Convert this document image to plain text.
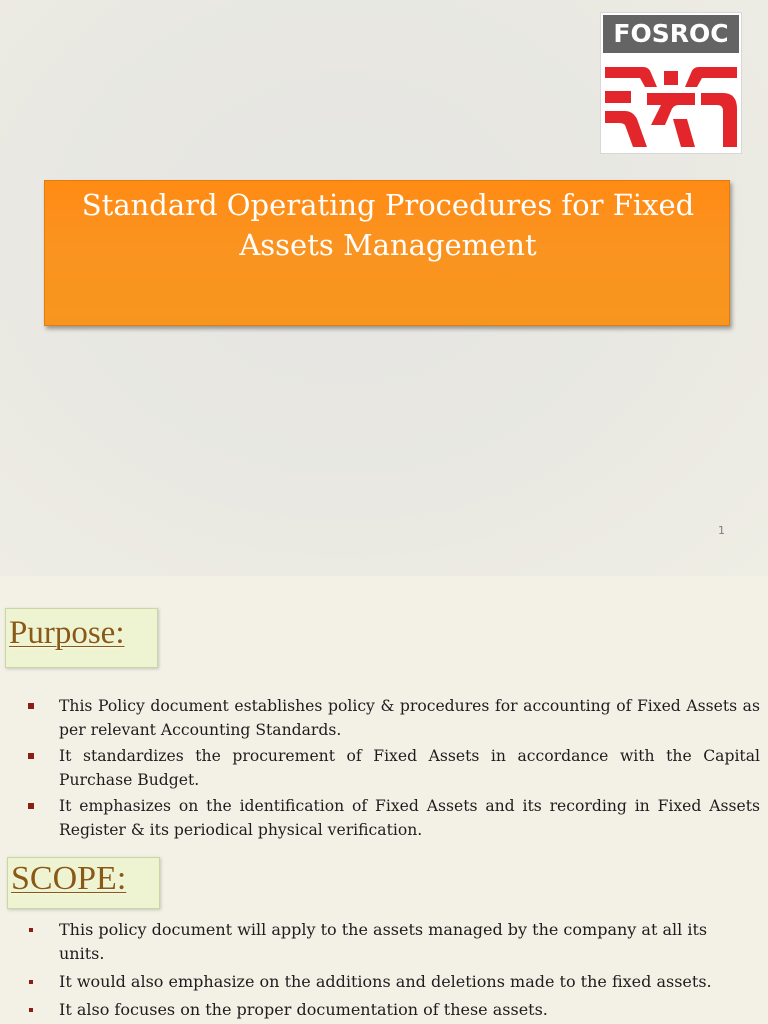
FOSROC
Standard Operating Procedures for Fixed
Assets Management
1
Purpose:
This Policy document establishes policy & procedures for accounting of Fixed Assets as per relevant Accounting Standards.
It standardizes the procurement of Fixed Assets in accordance with the Capital Purchase Budget.
It emphasizes on the identification of Fixed Assets and its recording in Fixed Assets Register & its periodical physical verification.
SCOPE:
This policy document will apply to the assets managed by the company at all its units.
It would also emphasize on the additions and deletions made to the fixed assets.
It also focuses on the proper documentation of these assets.
